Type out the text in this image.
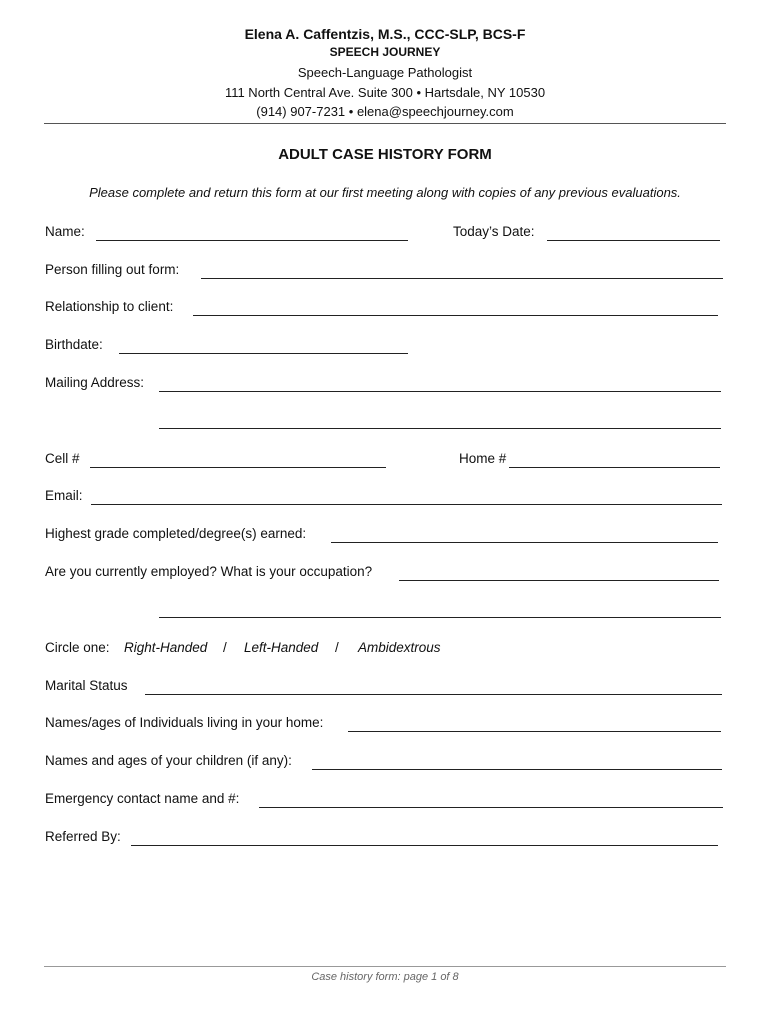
Elena A. Caffentzis, M.S., CCC-SLP, BCS-F
SPEECH JOURNEY
Speech-Language Pathologist
111 North Central Ave. Suite 300 • Hartsdale, NY 10530
(914) 907-7231 • elena@speechjourney.com
ADULT CASE HISTORY FORM
Please complete and return this form at our first meeting along with copies of any previous evaluations.
Name:	Today’s Date:
Person filling out form:
Relationship to client:
Birthdate:
Mailing Address:
Cell #	Home #
Email:
Highest grade completed/degree(s) earned:
Are you currently employed? What is your occupation?
Circle one: Right-Handed / Left-Handed / Ambidextrous
Marital Status
Names/ages of Individuals living in your home:
Names and ages of your children (if any):
Emergency contact name and #:
Referred By:
Case history form: page 1 of 8
